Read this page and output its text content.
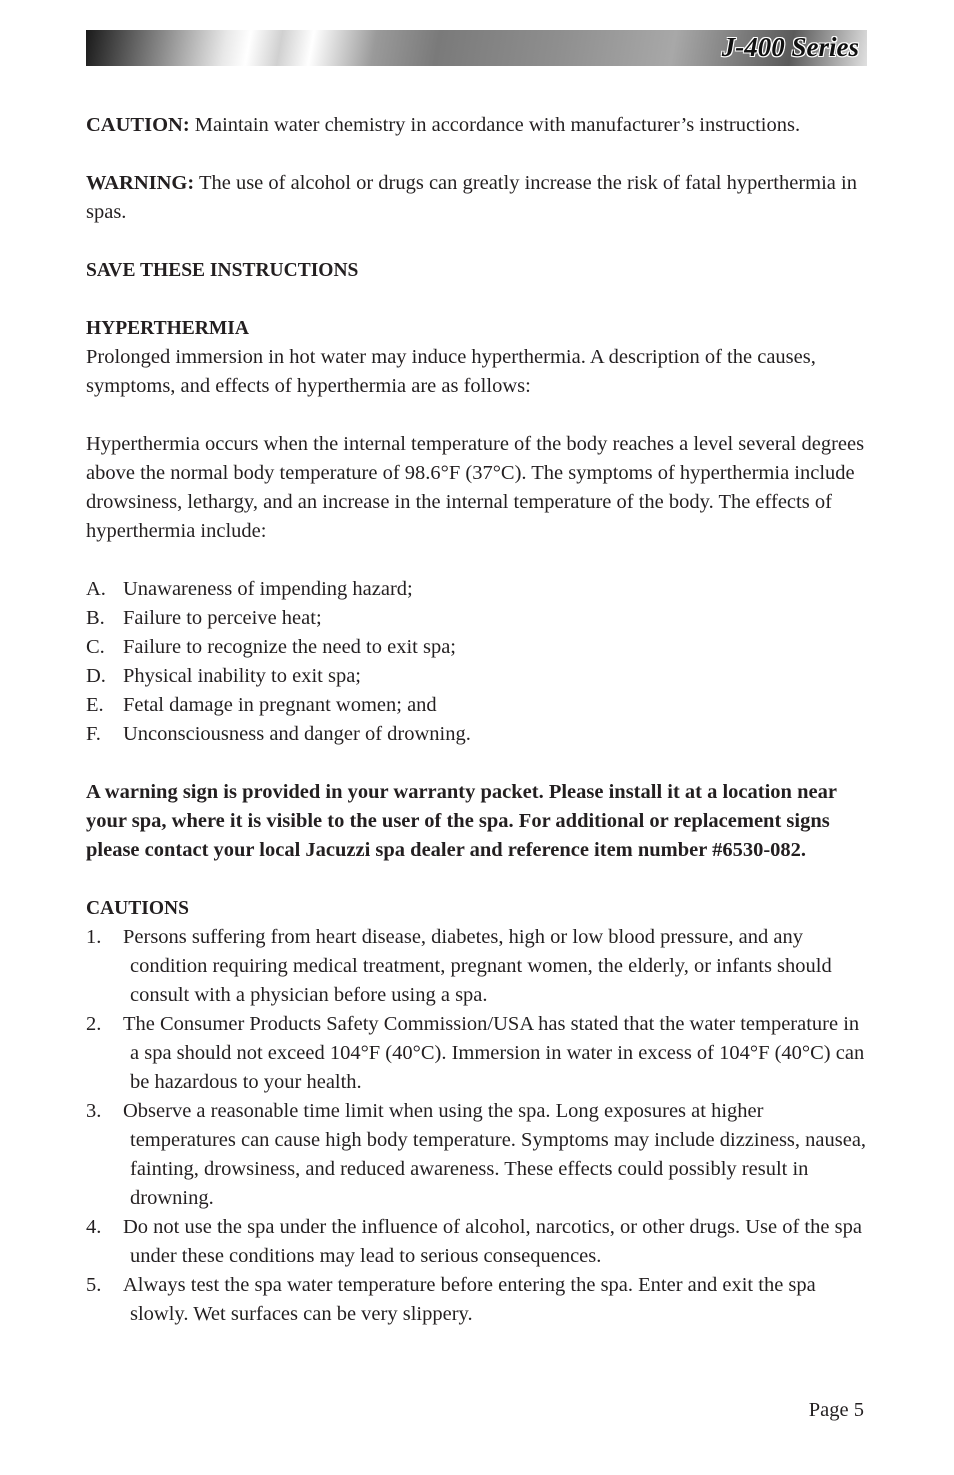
J-400 Series

CAUTION: Maintain water chemistry in accordance with manufacturer’s instructions.

WARNING: The use of alcohol or drugs can greatly increase the risk of fatal hyperthermia in spas.

SAVE THESE INSTRUCTIONS

HYPERTHERMIA

Prolonged immersion in hot water may induce hyperthermia. A description of the causes, symptoms, and effects of hyperthermia are as follows:

Hyperthermia occurs when the internal temperature of the body reaches a level several degrees above the normal body temperature of 98.6°F (37°C). The symptoms of hyperthermia include drowsiness, lethargy, and an increase in the internal temperature of the body. The effects of hyperthermia include:

A. Unawareness of impending hazard;
B. Failure to perceive heat;
C. Failure to recognize the need to exit spa;
D. Physical inability to exit spa;
E. Fetal damage in pregnant women; and
F. Unconsciousness and danger of drowning.

A warning sign is provided in your warranty packet. Please install it at a location near your spa, where it is visible to the user of the spa. For additional or replacement signs please contact your local Jacuzzi spa dealer and reference item number #6530-082.

CAUTIONS

1. Persons suffering from heart disease, diabetes, high or low blood pressure, and any condition requiring medical treatment, pregnant women, the elderly, or infants should consult with a physician before using a spa.
2. The Consumer Products Safety Commission/USA has stated that the water temperature in a spa should not exceed 104°F (40°C). Immersion in water in excess of 104°F (40°C) can be hazardous to your health.
3. Observe a reasonable time limit when using the spa. Long exposures at higher temperatures can cause high body temperature. Symptoms may include dizziness, nausea, fainting, drowsiness, and reduced awareness. These effects could possibly result in drowning.
4. Do not use the spa under the influence of alcohol, narcotics, or other drugs. Use of the spa under these conditions may lead to serious consequences.
5. Always test the spa water temperature before entering the spa. Enter and exit the spa slowly. Wet surfaces can be very slippery.
Page 5
